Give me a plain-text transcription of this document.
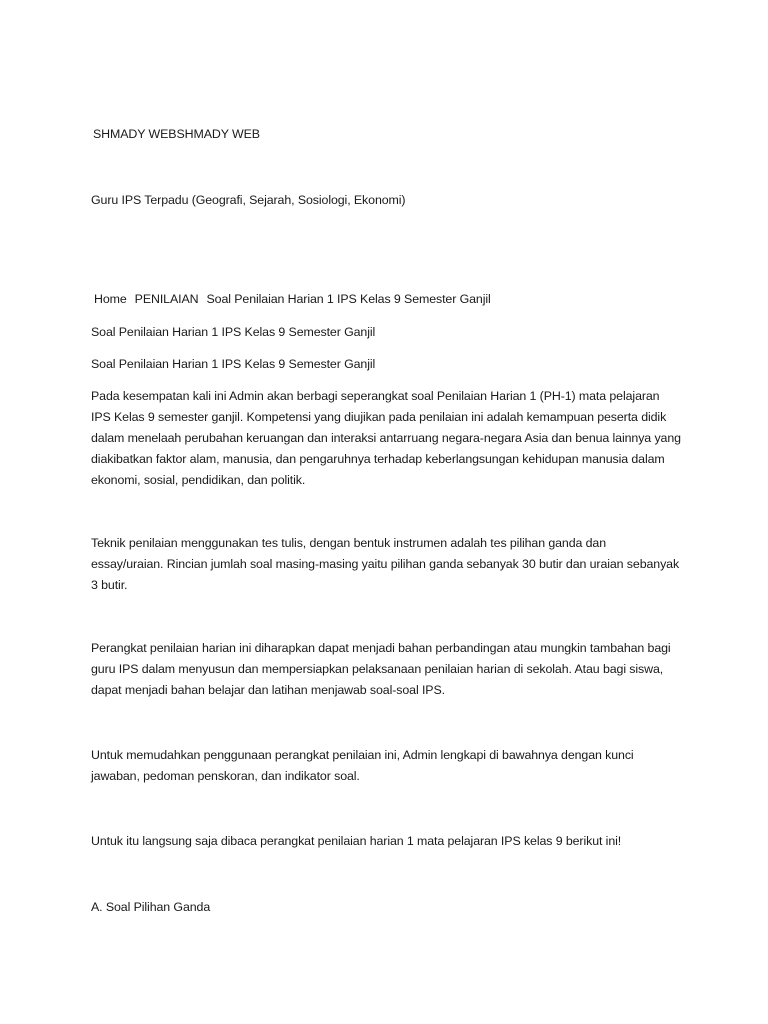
SHMADY WEBSHMADY WEB
Guru IPS Terpadu (Geografi, Sejarah, Sosiologi, Ekonomi)
Home PENILAIAN Soal Penilaian Harian 1 IPS Kelas 9 Semester Ganjil
Soal Penilaian Harian 1 IPS Kelas 9 Semester Ganjil
Soal Penilaian Harian 1 IPS Kelas 9 Semester Ganjil

Pada kesempatan kali ini Admin akan berbagi seperangkat soal Penilaian Harian 1 (PH-1) mata pelajaran IPS Kelas 9 semester ganjil. Kompetensi yang diujikan pada penilaian ini adalah kemampuan peserta didik dalam menelaah perubahan keruangan dan interaksi antarruang negara-negara Asia dan benua lainnya yang diakibatkan faktor alam, manusia, dan pengaruhnya terhadap keberlangsungan kehidupan manusia dalam ekonomi, sosial, pendidikan, dan politik.

Teknik penilaian menggunakan tes tulis, dengan bentuk instrumen adalah tes pilihan ganda dan essay/uraian. Rincian jumlah soal masing-masing yaitu pilihan ganda sebanyak 30 butir dan uraian sebanyak 3 butir.

Perangkat penilaian harian ini diharapkan dapat menjadi bahan perbandingan atau mungkin tambahan bagi guru IPS dalam menyusun dan mempersiapkan pelaksanaan penilaian harian di sekolah. Atau bagi siswa, dapat menjadi bahan belajar dan latihan menjawab soal-soal IPS.

Untuk memudahkan penggunaan perangkat penilaian ini, Admin lengkapi di bawahnya dengan kunci jawaban, pedoman penskoran, dan indikator soal.

Untuk itu langsung saja dibaca perangkat penilaian harian 1 mata pelajaran IPS kelas 9 berikut ini!

A. Soal Pilihan Ganda
